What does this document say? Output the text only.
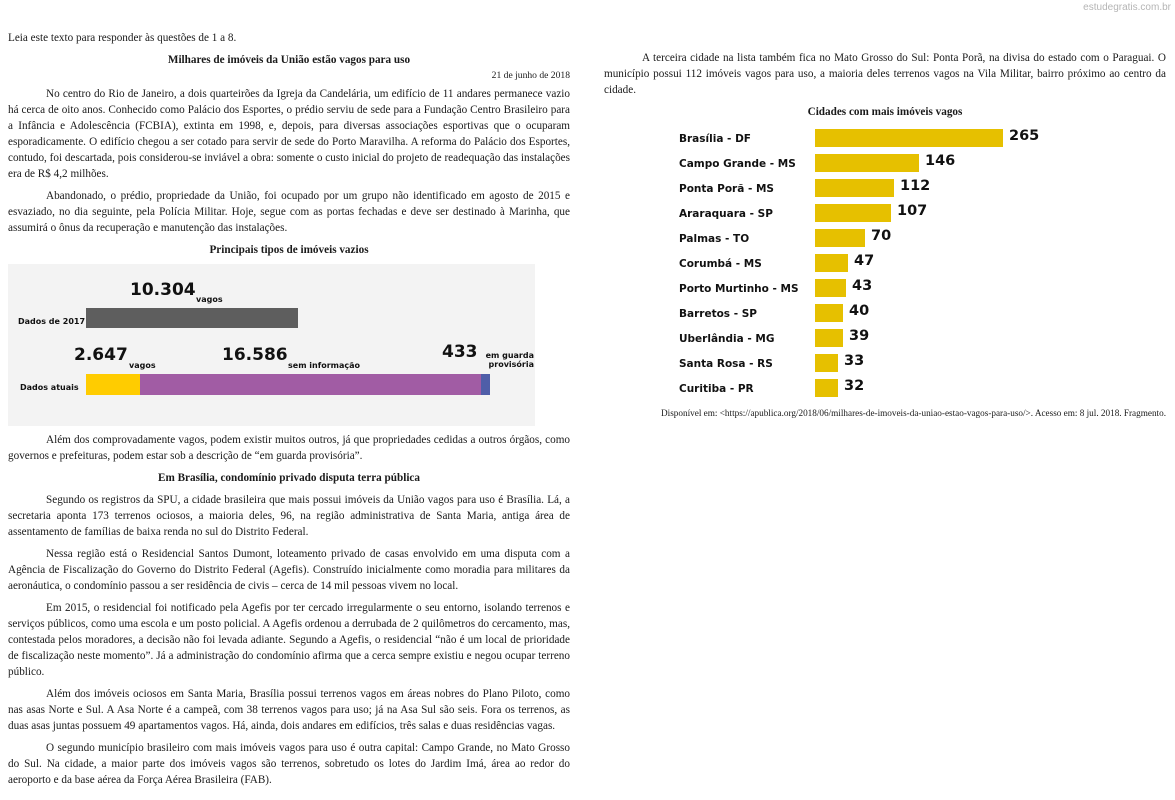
estudegratis.com.br
Leia este texto para responder às questões de 1 a 8.
Milhares de imóveis da União estão vagos para uso
21 de junho de 2018

No centro do Rio de Janeiro, a dois quarteirões da Igreja da Candelária, um edifício de 11 andares permanece vazio há cerca de oito anos. Conhecido como Palácio dos Esportes, o prédio serviu de sede para a Fundação Centro Brasileiro para a Infância e Adolescência (FCBIA), extinta em 1998, e, depois, para diversas associações esportivas que o ocuparam esporadicamente. O edifício chegou a ser cotado para servir de sede do Porto Maravilha. A reforma do Palácio dos Esportes, contudo, foi descartada, pois considerou-se inviável a obra: somente o custo inicial do projeto de readequação das instalações era de R$ 4,2 milhões.

Abandonado, o prédio, propriedade da União, foi ocupado por um grupo não identificado em agosto de 2015 e esvaziado, no dia seguinte, pela Polícia Militar. Hoje, segue com as portas fechadas e deve ser destinado à Marinha, que assumirá o ônus da recuperação e manutenção das instalações.

Principais tipos de imóveis vazios
10.304 vagos
Dados de 2017
2.647
vagos
16.586
sem informação
433	em guarda provisória
Dados atuais

Além dos comprovadamente vagos, podem existir muitos outros, já que propriedades cedidas a outros órgãos, como governos e prefeituras, podem estar sob a descrição de “em guarda provisória”.

Em Brasília, condomínio privado disputa terra pública

Segundo os registros da SPU, a cidade brasileira que mais possui imóveis da União vagos para uso é Brasília. Lá, a secretaria aponta 173 terrenos ociosos, a maioria deles, 96, na região administrativa de Santa Maria, antiga área de assentamento de famílias de baixa renda no sul do Distrito Federal.

Nessa região está o Residencial Santos Dumont, loteamento privado de casas envolvido em uma disputa com a Agência de Fiscalização do Governo do Distrito Federal (Agefis). Construído inicialmente como moradia para militares da aeronáutica, o condomínio passou a ser residência de civis – cerca de 14 mil pessoas vivem no local.

Em 2015, o residencial foi notificado pela Agefis por ter cercado irregularmente o seu entorno, isolando terrenos e serviços públicos, como uma escola e um posto policial. A Agefis ordenou a derrubada de 2 quilômetros do cercamento, mas, contestada pelos moradores, a decisão não foi levada adiante. Segundo a Agefis, o residencial “não é um local de prioridade de fiscalização neste momento”. Já a administração do condomínio afirma que a cerca sempre existiu e negou ocupar terreno público.

Além dos imóveis ociosos em Santa Maria, Brasília possui terrenos vagos em áreas nobres do Plano Piloto, como nas asas Norte e Sul. A Asa Norte é a campeã, com 38 terrenos vagos para uso; já na Asa Sul são seis. Fora os terrenos, as duas asas juntas possuem 49 apartamentos vagos. Há, ainda, dois andares em edifícios, três salas e duas residências vagas.

O segundo município brasileiro com mais imóveis vagos para uso é outra capital: Campo Grande, no Mato Grosso do Sul. Na cidade, a maior parte dos imóveis vagos são terrenos, sobretudo os lotes do Jardim Imá, área ao redor do aeroporto e da base aérea da Força Aérea Brasileira (FAB).

A terceira cidade na lista também fica no Mato Grosso do Sul: Ponta Porã, na divisa do estado com o Paraguai. O município possui 112 imóveis vagos para uso, a maioria deles terrenos vagos na Vila Militar, bairro próximo ao centro da cidade.

Cidades com mais imóveis vagos
Brasília - DF	265
Campo Grande - MS	146
Ponta Porã - MS	112
Araraquara - SP	107
Palmas - TO	70
Corumbá - MS	47
Porto Murtinho - MS	43
Barretos - SP	40
Uberlândia - MG	39
Santa Rosa - RS	33
Curitiba - PR	32
Disponível em: <https://apublica.org/2018/06/milhares-de-imoveis-da-uniao-estao-vagos-para-uso/>. Acesso em: 8 jul. 2018. Fragmento.
